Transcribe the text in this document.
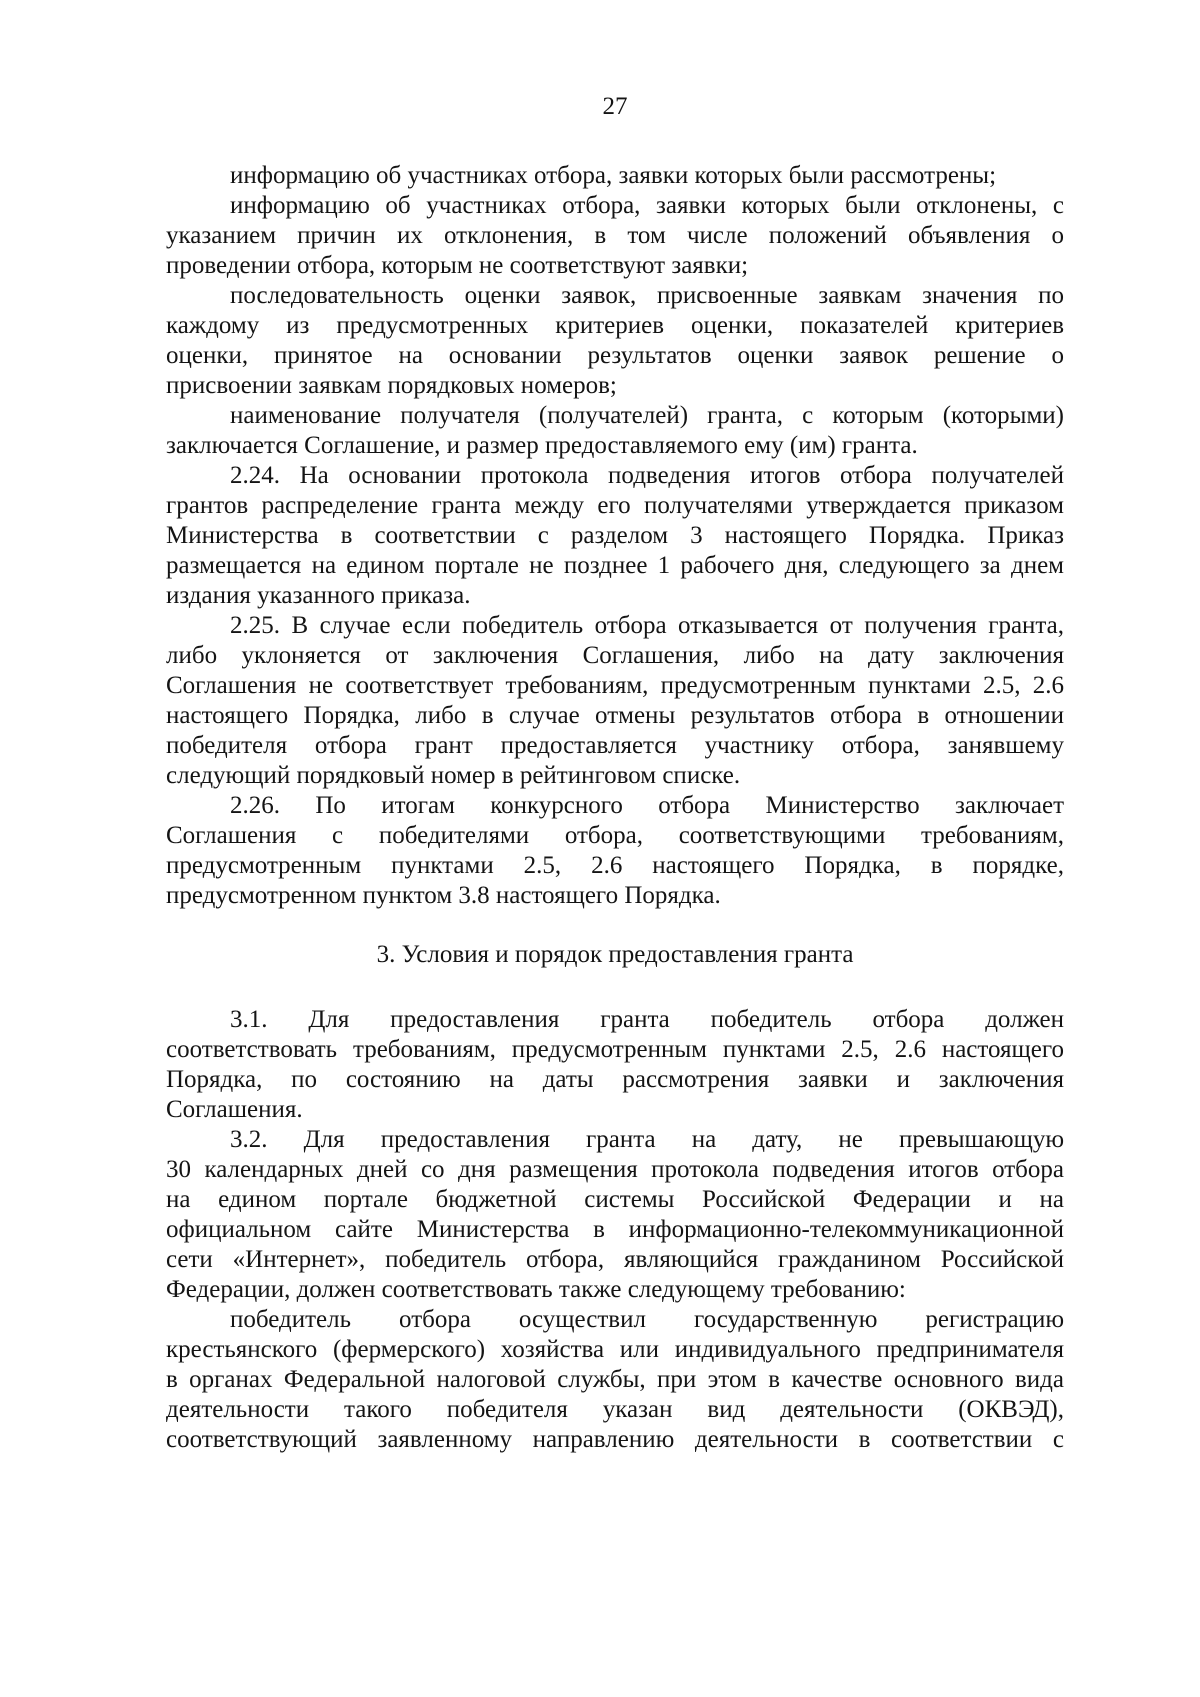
27
информацию об участниках отбора, заявки которых были рассмотрены;
информацию об участниках отбора, заявки которых были отклонены, с
указанием причин их отклонения, в том числе положений объявления о
проведении отбора, которым не соответствуют заявки;
последовательность оценки заявок, присвоенные заявкам значения по
каждому из предусмотренных критериев оценки, показателей критериев
оценки, принятое на основании результатов оценки заявок решение о
присвоении заявкам порядковых номеров;
наименование получателя (получателей) гранта, с которым (которыми)
заключается Соглашение, и размер предоставляемого ему (им) гранта.
2.24. На основании протокола подведения итогов отбора получателей
грантов распределение гранта между его получателями утверждается приказом
Министерства в соответствии с разделом 3 настоящего Порядка. Приказ
размещается на едином портале не позднее 1 рабочего дня, следующего за днем
издания указанного приказа.
2.25. В случае если победитель отбора отказывается от получения гранта,
либо уклоняется от заключения Соглашения, либо на дату заключения
Соглашения не соответствует требованиям, предусмотренным пунктами 2.5, 2.6
настоящего Порядка, либо в случае отмены результатов отбора в отношении
победителя отбора грант предоставляется участнику отбора, занявшему
следующий порядковый номер в рейтинговом списке.
2.26. По итогам конкурсного отбора Министерство заключает
Соглашения с победителями отбора, соответствующими требованиям,
предусмотренным пунктами 2.5, 2.6 настоящего Порядка, в порядке,
предусмотренном пунктом 3.8 настоящего Порядка.
3. Условия и порядок предоставления гранта
3.1. Для предоставления гранта победитель отбора должен
соответствовать требованиям, предусмотренным пунктами 2.5, 2.6 настоящего
Порядка, по состоянию на даты рассмотрения заявки и заключения
Соглашения.
3.2. Для предоставления гранта на дату, не превышающую
30 календарных дней со дня размещения протокола подведения итогов отбора
на едином портале бюджетной системы Российской Федерации и на
официальном сайте Министерства в информационно-телекоммуникационной
сети «Интернет», победитель отбора, являющийся гражданином Российской
Федерации, должен соответствовать также следующему требованию:
победитель отбора осуществил государственную регистрацию
крестьянского (фермерского) хозяйства или индивидуального предпринимателя
в органах Федеральной налоговой службы, при этом в качестве основного вида
деятельности такого победителя указан вид деятельности (ОКВЭД),
соответствующий заявленному направлению деятельности в соответствии с
